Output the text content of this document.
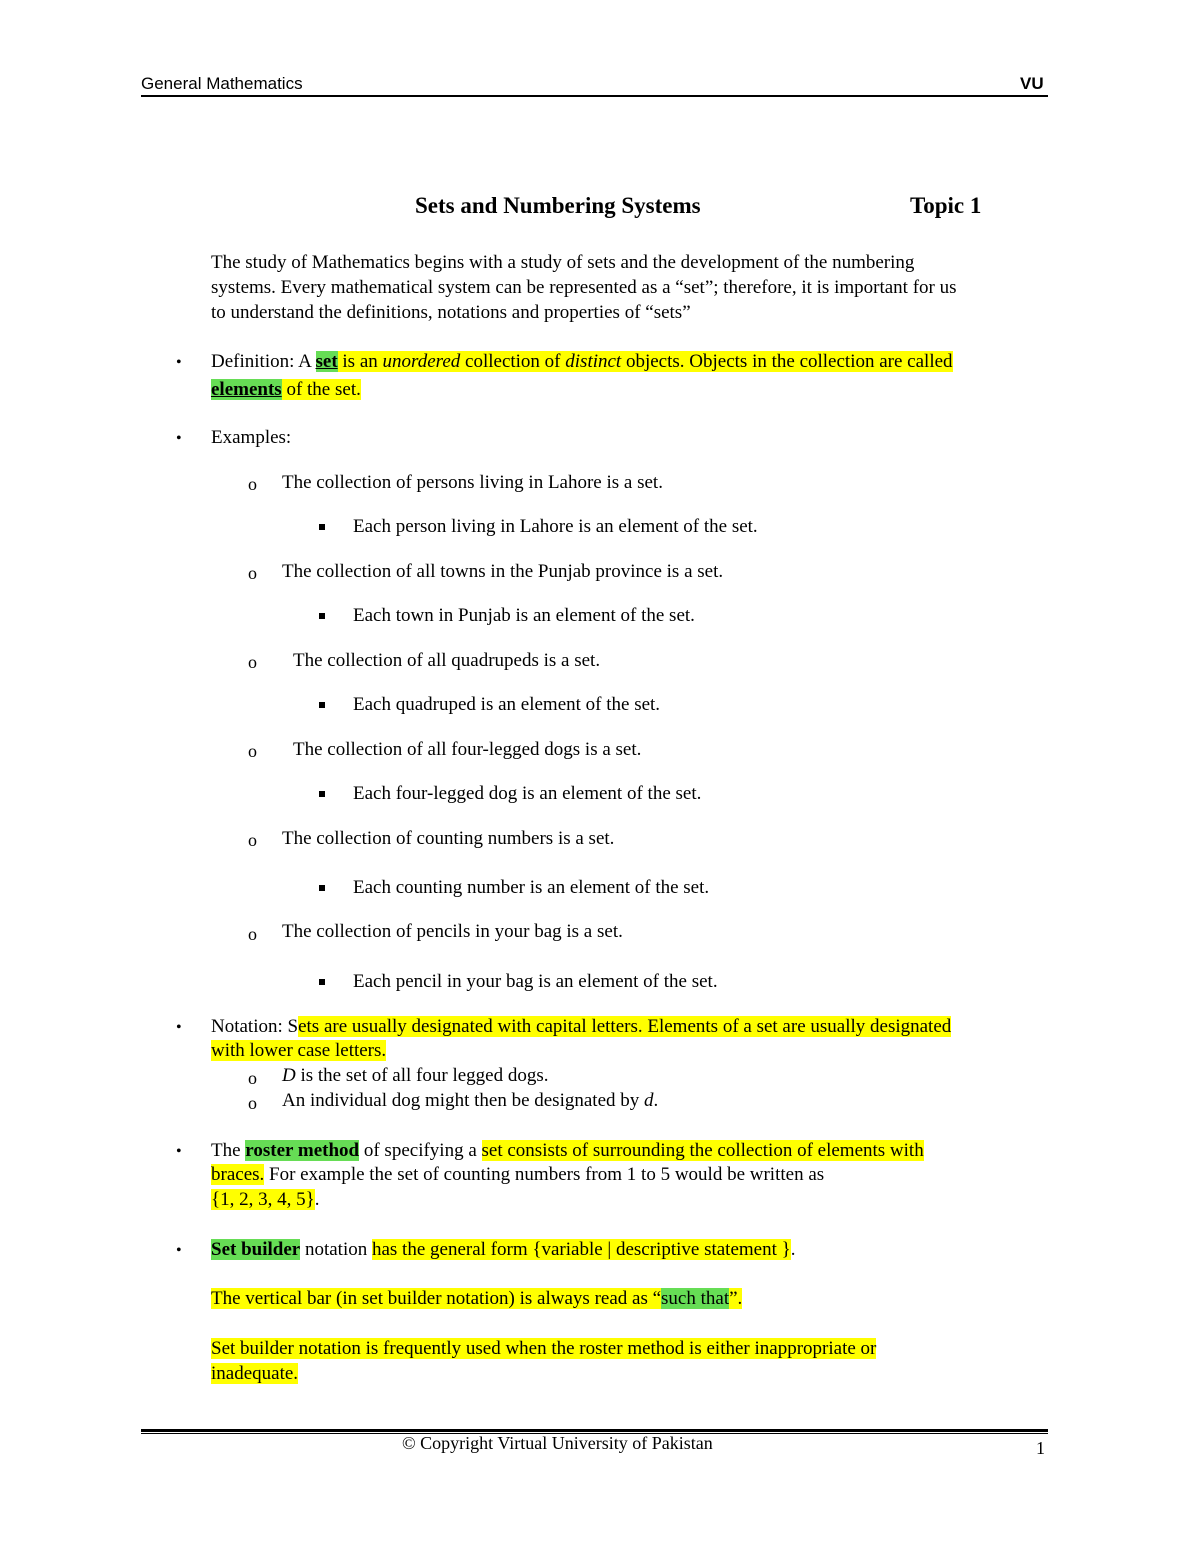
General Mathematics	VU
Sets and Numbering Systems	Topic 1
The study of Mathematics begins with a study of sets and the development of the numbering
systems. Every mathematical system can be represented as a “set”; therefore, it is important for us
to understand the definitions, notations and properties of “sets”
• Definition: A set is an unordered collection of distinct objects. Objects in the collection are called
elements of the set.
• Examples:
o The collection of persons living in Lahore is a set.
Each person living in Lahore is an element of the set.
o The collection of all towns in the Punjab province is a set.
Each town in Punjab is an element of the set.
o The collection of all quadrupeds is a set.
Each quadruped is an element of the set.
o The collection of all four-legged dogs is a set.
Each four-legged dog is an element of the set.
o The collection of counting numbers is a set.
Each counting number is an element of the set.
o The collection of pencils in your bag is a set.
Each pencil in your bag is an element of the set.
• Notation: Sets are usually designated with capital letters. Elements of a set are usually designated
with lower case letters.
o D is the set of all four legged dogs.
o An individual dog might then be designated by d.
• The roster method of specifying a set consists of surrounding the collection of elements with
braces. For example the set of counting numbers from 1 to 5 would be written as
{1, 2, 3, 4, 5}.
• Set builder notation has the general form {variable | descriptive statement }.
The vertical bar (in set builder notation) is always read as “such that”.
Set builder notation is frequently used when the roster method is either inappropriate or
inadequate.
© Copyright Virtual University of Pakistan	1
